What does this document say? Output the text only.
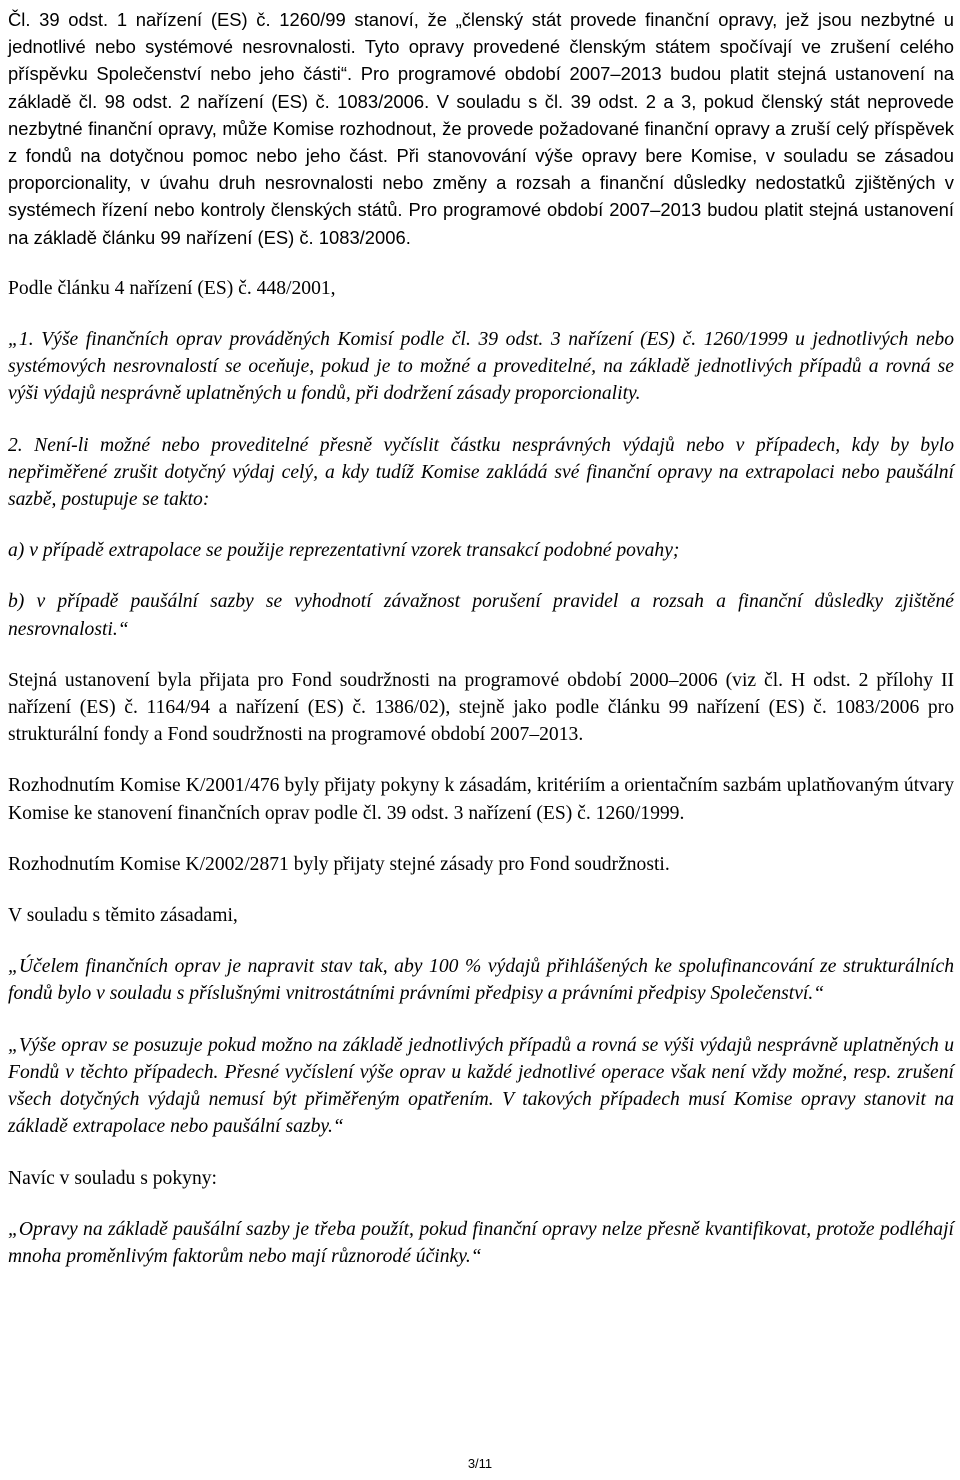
Čl. 39 odst. 1 nařízení (ES) č. 1260/99 stanoví, že „členský stát provede finanční opravy, jež jsou nezbytné u jednotlivé nebo systémové nesrovnalosti. Tyto opravy provedené členským státem spočívají ve zrušení celého příspěvku Společenství nebo jeho části“. Pro programové období 2007–2013 budou platit stejná ustanovení na základě čl. 98 odst. 2 nařízení (ES) č. 1083/2006. V souladu s čl. 39 odst. 2 a 3, pokud členský stát neprovede nezbytné finanční opravy, může Komise rozhodnout, že provede požadované finanční opravy a zruší celý příspěvek z fondů na dotyčnou pomoc nebo jeho část. Při stanovování výše opravy bere Komise, v souladu se zásadou proporcionality, v úvahu druh nesrovnalosti nebo změny a rozsah a finanční důsledky nedostatků zjištěných v systémech řízení nebo kontroly členských států. Pro programové období 2007–2013 budou platit stejná ustanovení na základě článku 99 nařízení (ES) č. 1083/2006.

Podle článku 4 nařízení (ES) č. 448/2001,

„1. Výše finančních oprav prováděných Komisí podle čl. 39 odst. 3 nařízení (ES) č. 1260/1999 u jednotlivých nebo systémových nesrovnalostí se oceňuje, pokud je to možné a proveditelné, na základě jednotlivých případů a rovná se výši výdajů nesprávně uplatněných u fondů, při dodržení zásady proporcionality.

2. Není-li možné nebo proveditelné přesně vyčíslit částku nesprávných výdajů nebo v případech, kdy by bylo nepřiměřené zrušit dotyčný výdaj celý, a kdy tudíž Komise zakládá své finanční opravy na extrapolaci nebo paušální sazbě, postupuje se takto:

a) v případě extrapolace se použije reprezentativní vzorek transakcí podobné povahy;

b) v případě paušální sazby se vyhodnotí závažnost porušení pravidel a rozsah a finanční důsledky zjištěné nesrovnalosti.“

Stejná ustanovení byla přijata pro Fond soudržnosti na programové období 2000–2006 (viz čl. H odst. 2 přílohy II nařízení (ES) č. 1164/94 a nařízení (ES) č. 1386/02), stejně jako podle článku 99 nařízení (ES) č. 1083/2006 pro strukturální fondy a Fond soudržnosti na programové období 2007–2013.

Rozhodnutím Komise K/2001/476 byly přijaty pokyny k zásadám, kritériím a orientačním sazbám uplatňovaným útvary Komise ke stanovení finančních oprav podle čl. 39 odst. 3 nařízení (ES) č. 1260/1999.

Rozhodnutím Komise K/2002/2871 byly přijaty stejné zásady pro Fond soudržnosti.

V souladu s těmito zásadami,

„Účelem finančních oprav je napravit stav tak, aby 100 % výdajů přihlášených ke spolufinancování ze strukturálních fondů bylo v souladu s příslušnými vnitrostátními právními předpisy a právními předpisy Společenství.“

„Výše oprav se posuzuje pokud možno na základě jednotlivých případů a rovná se výši výdajů nesprávně uplatněných u Fondů v těchto případech. Přesné vyčíslení výše oprav u každé jednotlivé operace však není vždy možné, resp. zrušení všech dotyčných výdajů nemusí být přiměřeným opatřením. V takových případech musí Komise opravy stanovit na základě extrapolace nebo paušální sazby.“

Navíc v souladu s pokyny:

„Opravy na základě paušální sazby je třeba použít, pokud finanční opravy nelze přesně kvantifikovat, protože podléhají mnoha proměnlivým faktorům nebo mají různorodé účinky.“

3/11
